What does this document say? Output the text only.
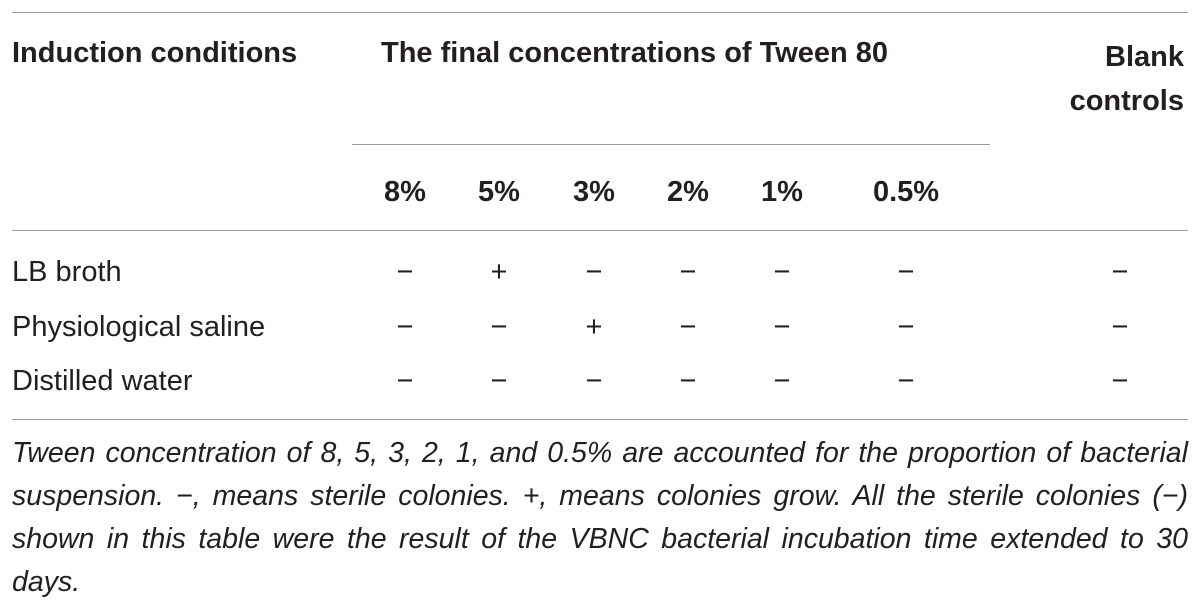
Induction conditions	The final concentrations of Tween 80	Blank
controls
8% 5% 3% 2% 1% 0.5%
LB broth	−	+	−	−	−	−	−
Physiological saline	−	−	+	−	−	−	−
Distilled water	−	−	−	−	−	−	−

Tween concentration of 8, 5, 3, 2, 1, and 0.5% are accounted for the proportion of bacterial suspension. −, means sterile colonies. +, means colonies grow. All the sterile colonies (−) shown in this table were the result of the VBNC bacterial incubation time extended to 30 days.
